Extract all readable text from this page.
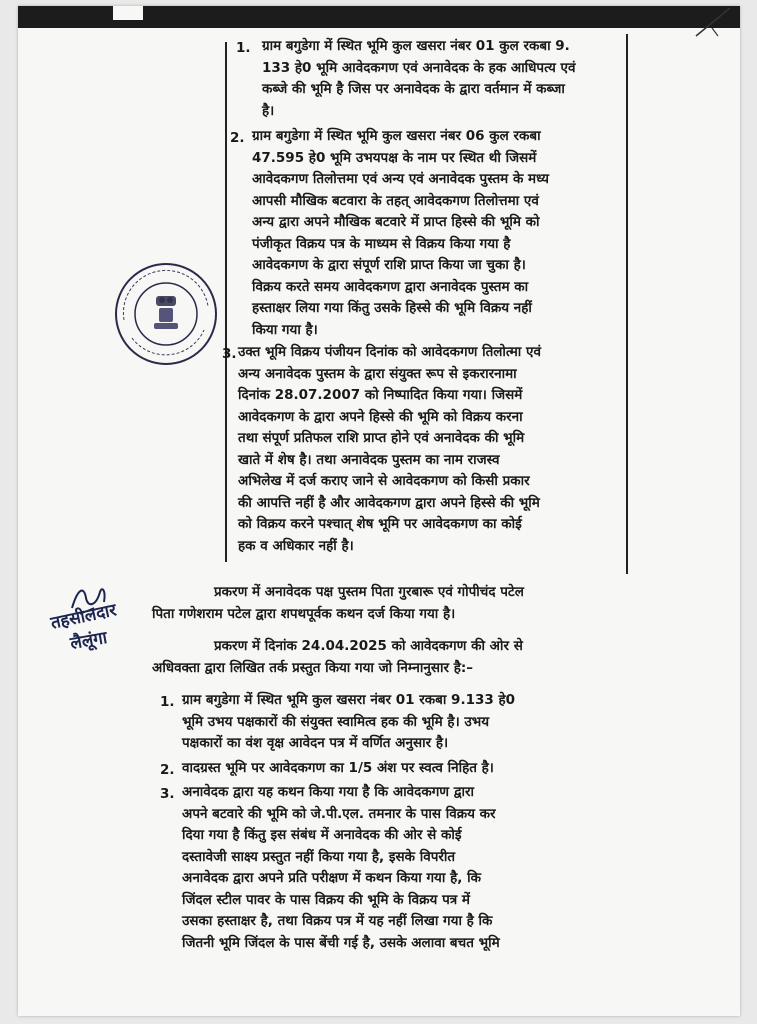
तहसीलदार
लैलूंगा
1. ग्राम बगुडेगा में स्थित भूमि कुल खसरा नंबर 01 कुल रकबा 9.
133 हे0 भूमि आवेदकगण एवं अनावेदक के हक आधिपत्य एवं
कब्जे की भूमि है जिस पर अनावेदक के द्वारा वर्तमान में कब्जा
है।
2. ग्राम बगुडेगा में स्थित भूमि कुल खसरा नंबर 06 कुल रकबा
47.595 हे0 भूमि उभयपक्ष के नाम पर स्थित थी जिसमें
आवेदकगण तिलोत्तमा एवं अन्य एवं अनावेदक पुस्तम के मध्य
आपसी मौखिक बटवारा के तहत् आवेदकगण तिलोत्तमा एवं
अन्य द्वारा अपने मौखिक बटवारे में प्राप्त हिस्से की भूमि को
पंजीकृत विक्रय पत्र के माध्यम से विक्रय किया गया है
आवेदकगण के द्वारा संपूर्ण राशि प्राप्त किया जा चुका है।
विक्रय करते समय आवेदकगण द्वारा अनावेदक पुस्तम का
हस्ताक्षर लिया गया किंतु उसके हिस्से की भूमि विक्रय नहीं
किया गया है।
3. उक्त भूमि विक्रय पंजीयन दिनांक को आवेदकगण तिलोत्मा एवं
अन्य अनावेदक पुस्तम के द्वारा संयुक्त रूप से इकरारनामा
दिनांक 28.07.2007 को निष्पादित किया गया। जिसमें
आवेदकगण के द्वारा अपने हिस्से की भूमि को विक्रय करना
तथा संपूर्ण प्रतिफल राशि प्राप्त होने एवं अनावेदक की भूमि
खाते में शेष है। तथा अनावेदक पुस्तम का नाम राजस्व
अभिलेख में दर्ज कराए जाने से आवेदकगण को किसी प्रकार
की आपत्ति नहीं है और आवेदकगण द्वारा अपने हिस्से की भूमि
को विक्रय करने पश्चात् शेष भूमि पर आवेदकगण का कोई
हक व अधिकार नहीं है।
प्रकरण में अनावेदक पक्ष पुस्तम पिता गुरबारू एवं गोपीचंद पटेल
पिता गणेशराम पटेल द्वारा शपथपूर्वक कथन दर्ज किया गया है।
प्रकरण में दिनांक 24.04.2025 को आवेदकगण की ओर से
अधिवक्ता द्वारा लिखित तर्क प्रस्तुत किया गया जो निम्नानुसार है:–
1. ग्राम बगुडेगा में स्थित भूमि कुल खसरा नंबर 01 रकबा 9.133 हे0
भूमि उभय पक्षकारों की संयुक्त स्वामित्व हक की भूमि है। उभय
पक्षकारों का वंश वृक्ष आवेदन पत्र में वर्णित अनुसार है।
2. वादग्रस्त भूमि पर आवेदकगण का 1/5 अंश पर स्वत्व निहित है।
3. अनावेदक द्वारा यह कथन किया गया है कि आवेदकगण द्वारा
अपने बटवारे की भूमि को जे.पी.एल. तमनार के पास विक्रय कर
दिया गया है किंतु इस संबंध में अनावेदक की ओर से कोई
दस्तावेजी साक्ष्य प्रस्तुत नहीं किया गया है, इसके विपरीत
अनावेदक द्वारा अपने प्रति परीक्षण में कथन किया गया है, कि
जिंदल स्टील पावर के पास विक्रय की भूमि के विक्रय पत्र में
उसका हस्ताक्षर है, तथा विक्रय पत्र में यह नहीं लिखा गया है कि
जितनी भूमि जिंदल के पास बेंची गई है, उसके अलावा बचत भूमि
